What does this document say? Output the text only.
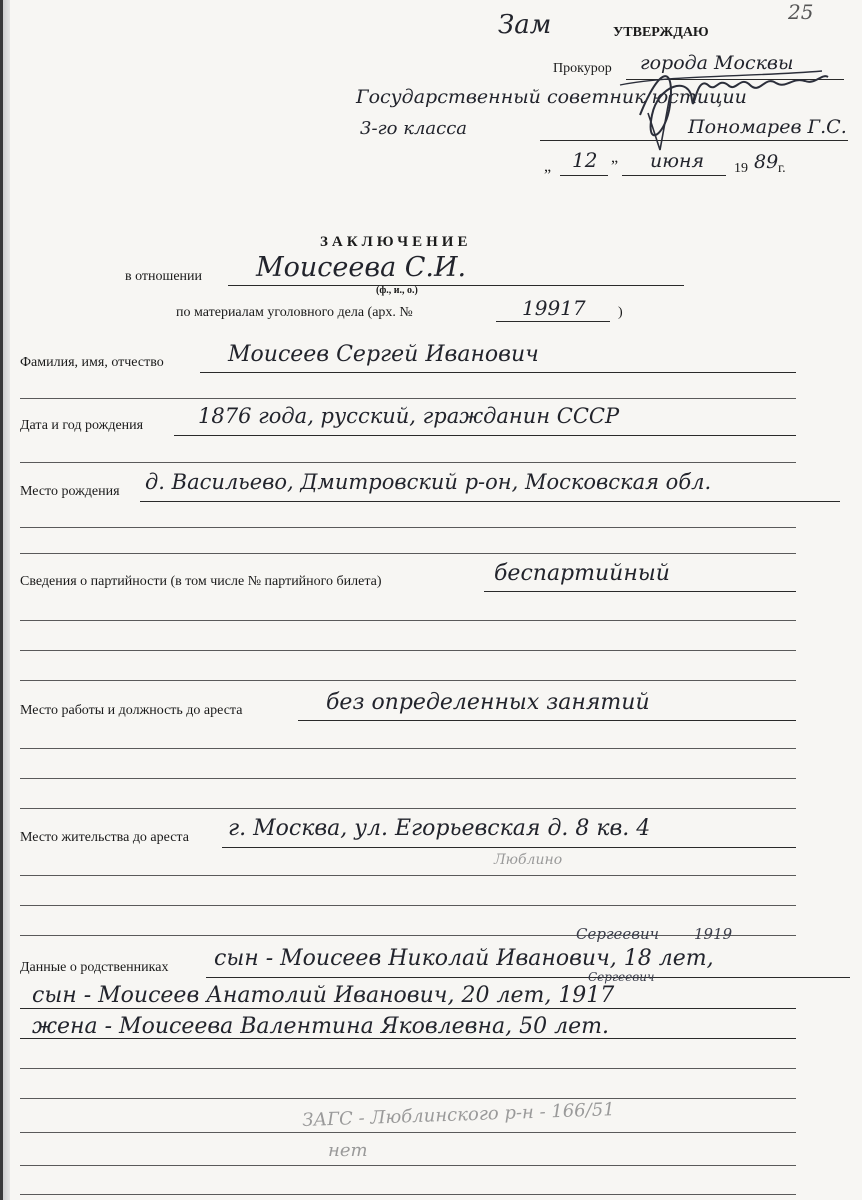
25
Зам	УТВЕРЖДАЮ
Прокурор города Москвы
Государственный советник юстиции
3-го класса	Пономарев Г.С.
„ 12 ” июня 19 89 г.
ЗАКЛЮЧЕНИЕ
в отношении Моисеева С.И.
(ф., и., о.)
по материалам уголовного дела (арх. №	19917 )
Фамилия, имя, отчество	Моисеев Сергей Иванович
Дата и год рождения	1876 года, русский, гражданин СССР
Место рождения д. Васильево, Дмитровский р-он, Московская обл.
Сведения о партийности (в том числе № партийного билета)	беспартийный
Место работы и должность до ареста	без определенных занятий
Место жительства до ареста г. Москва, ул. Егорьевская д. 8 кв. 4
Люблино
Сергеевич 1919
Данные о родственниках сын - Моисеев Николай Иванович, 18 лет,
Сергеевич
сын - Моисеев Анатолий Иванович, 20 лет, 1917
жена - Моисеева Валентина Яковлевна, 50 лет.
ЗАГС - Люблинского р-н - 166/51
нет
